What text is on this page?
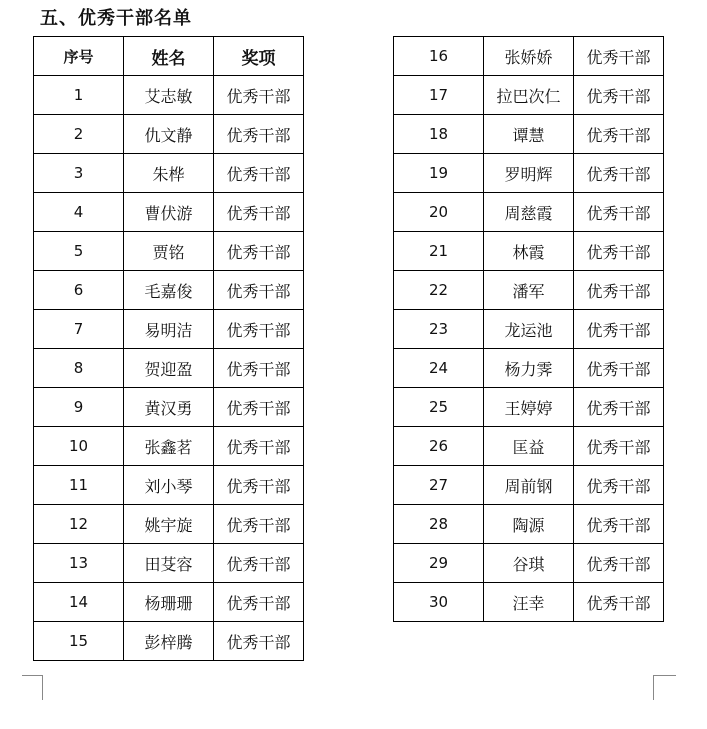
五、优秀干部名单
序号	姓名	奖项
1	艾志敏	优秀干部
2	仇文静	优秀干部
3	朱桦	优秀干部
4	曹伏游	优秀干部
5	贾铭	优秀干部
6	毛嘉俊	优秀干部
7	易明洁	优秀干部
8	贺迎盈	优秀干部
9	黄汉勇	优秀干部
10	张鑫茗	优秀干部
11	刘小琴	优秀干部
12	姚宇旋	优秀干部
13	田芟容	优秀干部
14	杨珊珊	优秀干部
15	彭梓腾	优秀干部
16	张娇娇	优秀干部
17	拉巴次仁	优秀干部
18	谭慧	优秀干部
19	罗明辉	优秀干部
20	周慈霞	优秀干部
21	林霞	优秀干部
22	潘军	优秀干部
23	龙运池	优秀干部
24	杨力霁	优秀干部
25	王婷婷	优秀干部
26	匡益	优秀干部
27	周前钢	优秀干部
28	陶源	优秀干部
29	谷琪	优秀干部
30	汪幸	优秀干部
